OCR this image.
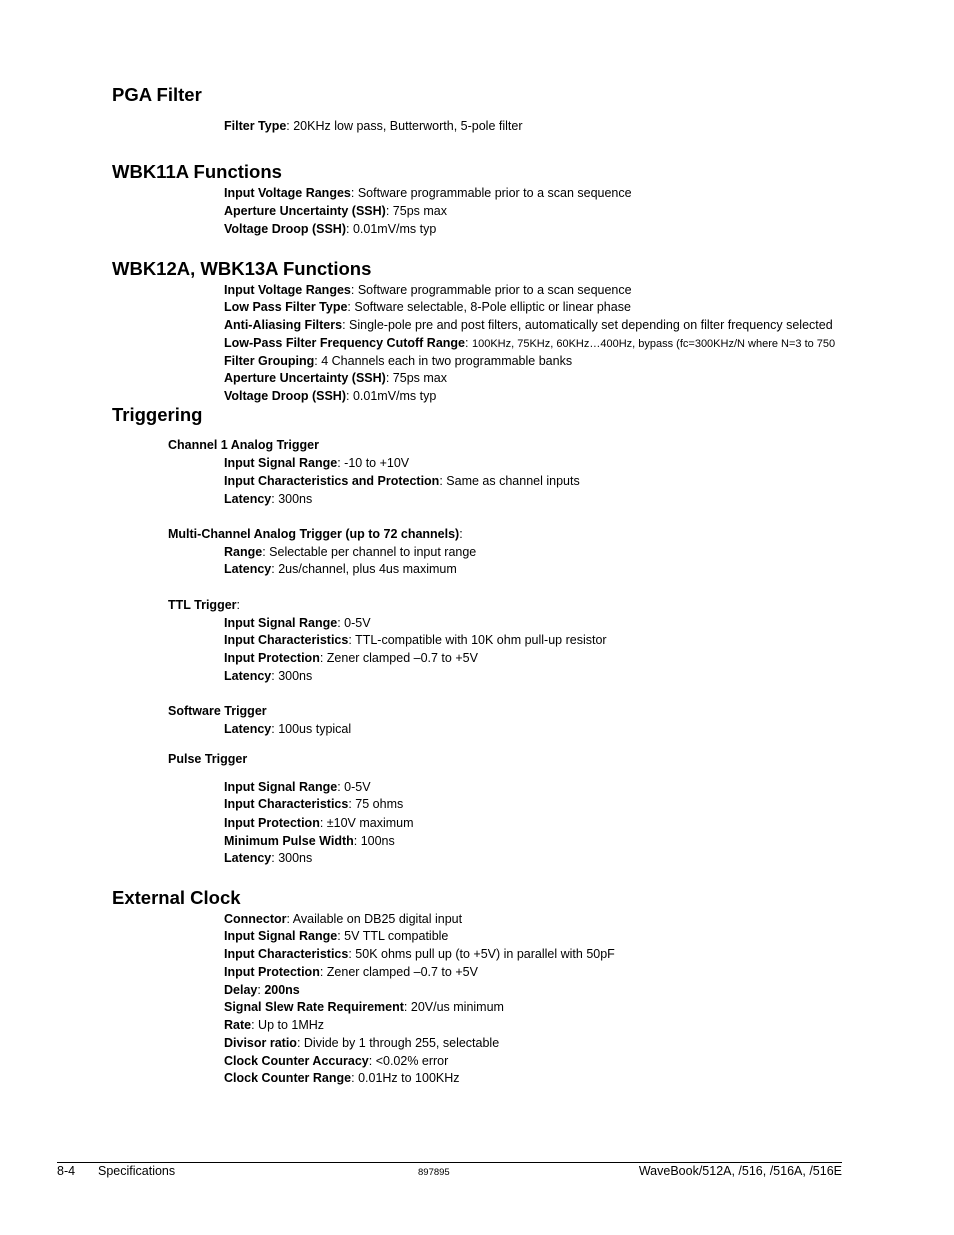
PGA Filter
Filter Type: 20KHz low pass, Butterworth, 5-pole filter
WBK11A Functions
Input Voltage Ranges: Software programmable prior to a scan sequence
Aperture Uncertainty (SSH): 75ps max
Voltage Droop (SSH): 0.01mV/ms typ
WBK12A, WBK13A Functions
Input Voltage Ranges: Software programmable prior to a scan sequence
Low Pass Filter Type: Software selectable, 8-Pole elliptic or linear phase
Anti-Aliasing Filters: Single-pole pre and post filters, automatically set depending on filter frequency selected
Low-Pass Filter Frequency Cutoff Range: 100KHz, 75KHz, 60KHz…400Hz, bypass (fc=300KHz/N where N=3 to 750
Filter Grouping: 4 Channels each in two programmable banks
Aperture Uncertainty (SSH): 75ps max
Voltage Droop (SSH): 0.01mV/ms typ
Triggering
Channel 1 Analog Trigger
Input Signal Range: -10 to +10V
Input Characteristics and Protection: Same as channel inputs
Latency: 300ns
Multi-Channel Analog Trigger (up to 72 channels):
Range: Selectable per channel to input range
Latency: 2us/channel, plus 4us maximum
TTL Trigger:
Input Signal Range: 0-5V
Input Characteristics: TTL-compatible with 10K ohm pull-up resistor
Input Protection: Zener clamped –0.7 to +5V
Latency: 300ns
Software Trigger
Latency: 100us typical
Pulse Trigger
Input Signal Range: 0-5V
Input Characteristics: 75 ohms
Input Protection: ±10V maximum
Minimum Pulse Width: 100ns
Latency: 300ns
External Clock
Connector: Available on DB25 digital input
Input Signal Range: 5V TTL compatible
Input Characteristics: 50K ohms pull up (to +5V) in parallel with 50pF
Input Protection: Zener clamped –0.7 to +5V
Delay: 200ns
Signal Slew Rate Requirement: 20V/us minimum
Rate: Up to 1MHz
Divisor ratio: Divide by 1 through 255, selectable
Clock Counter Accuracy: <0.02% error
Clock Counter Range: 0.01Hz to 100KHz
8-4 Specifications	897895	WaveBook/512A, /516, /516A, /516E
